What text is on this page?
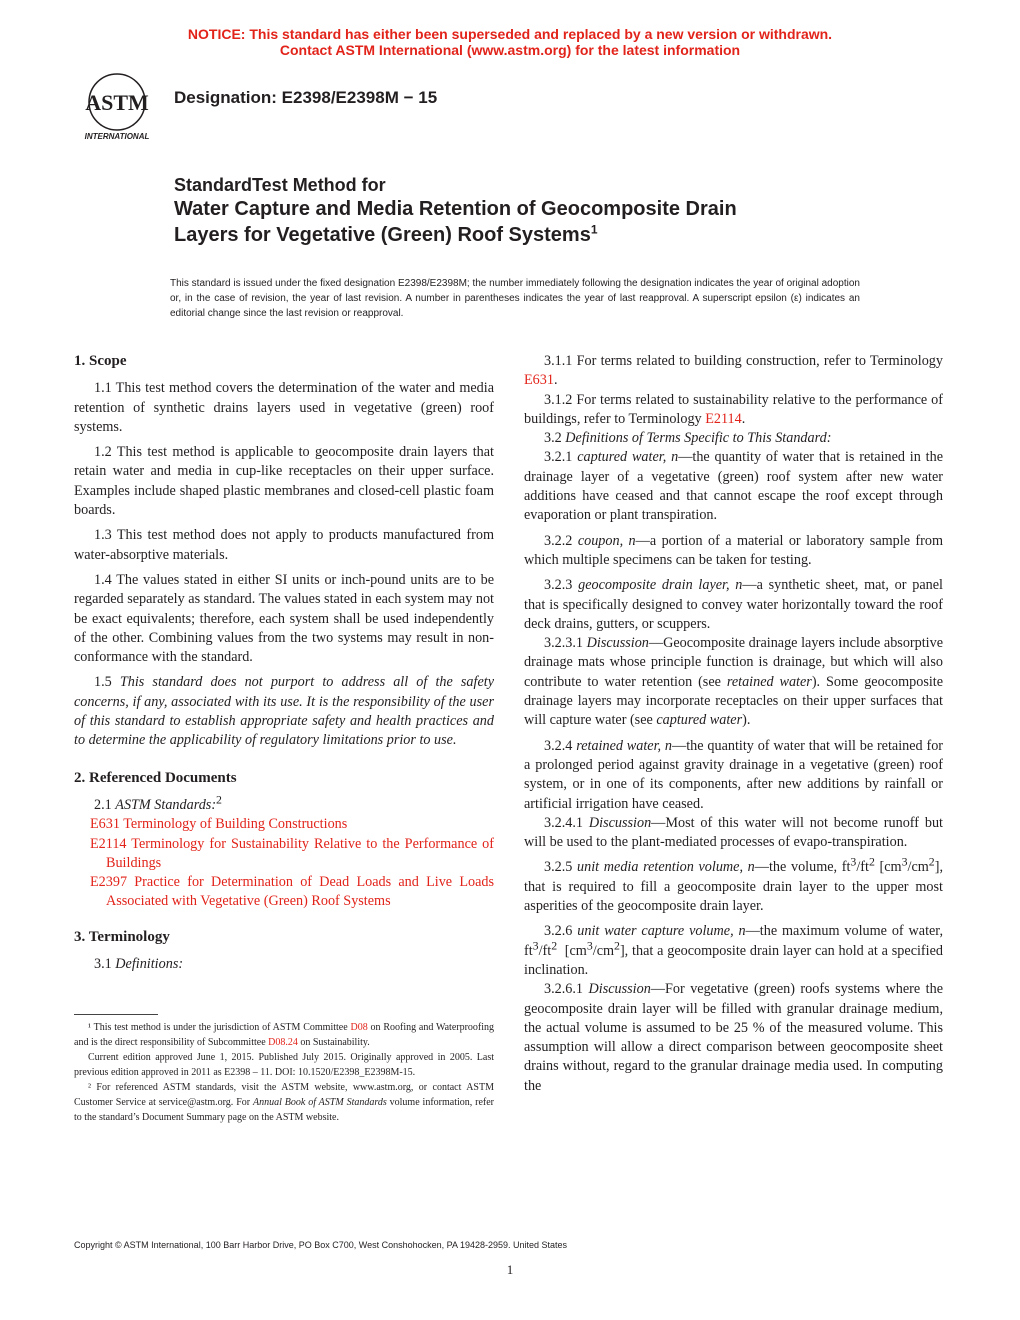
NOTICE: This standard has either been superseded and replaced by a new version or withdrawn.
Contact ASTM International (www.astm.org) for the latest information
ASTM
INTERNATIONAL
Designation: E2398/E2398M − 15
StandardTest Method for
Water Capture and Media Retention of Geocomposite Drain
Layers for Vegetative (Green) Roof Systems$^1$
This standard is issued under the fixed designation E2398/E2398M; the number immediately following the designation indicates the year of original adoption or, in the case of revision, the year of last revision. A number in parentheses indicates the year of last reapproval. A superscript epsilon (ε) indicates an editorial change since the last revision or reapproval.
1. Scope

1.1 This test method covers the determination of the water and media retention of synthetic drains layers used in vegetative (green) roof systems.

1.2 This test method is applicable to geocomposite drain layers that retain water and media in cup-like receptacles on their upper surface. Examples include shaped plastic membranes and closed-cell plastic foam boards.

1.3 This test method does not apply to products manufactured from water-absorptive materials.

1.4 The values stated in either SI units or inch-pound units are to be regarded separately as standard. The values stated in each system may not be exact equivalents; therefore, each system shall be used independently of the other. Combining values from the two systems may result in non-conformance with the standard.

1.5 This standard does not purport to address all of the safety concerns, if any, associated with its use. It is the responsibility of the user of this standard to establish appropriate safety and health practices and to determine the applicability of regulatory limitations prior to use.

2. Referenced Documents

2.1 ASTM Standards:$^2$

E631 Terminology of Building Constructions
E2114 Terminology for Sustainability Relative to the Performance of Buildings
E2397 Practice for Determination of Dead Loads and Live Loads Associated with Vegetative (Green) Roof Systems
3. Terminology

3.1 Definitions:

¹ This test method is under the jurisdiction of ASTM Committee D08 on Roofing and Waterproofing and is the direct responsibility of Subcommittee D08.24 on Sustainability.

Current edition approved June 1, 2015. Published July 2015. Originally approved in 2005. Last previous edition approved in 2011 as E2398 – 11. DOI: 10.1520/E2398_E2398M-15.

² For referenced ASTM standards, visit the ASTM website, www.astm.org, or contact ASTM Customer Service at service@astm.org. For Annual Book of ASTM Standards volume information, refer to the standard’s Document Summary page on the ASTM website.

3.1.1 For terms related to building construction, refer to Terminology E631.

3.1.2 For terms related to sustainability relative to the performance of buildings, refer to Terminology E2114.

3.2 Definitions of Terms Specific to This Standard:

3.2.1 captured water, n—the quantity of water that is retained in the drainage layer of a vegetative (green) roof system after new water additions have ceased and that cannot escape the roof except through evaporation or plant transpiration.

3.2.2 coupon, n—a portion of a material or laboratory sample from which multiple specimens can be taken for testing.

3.2.3 geocomposite drain layer, n—a synthetic sheet, mat, or panel that is specifically designed to convey water horizontally toward the roof deck drains, gutters, or scuppers.

3.2.3.1 Discussion—Geocomposite drainage layers include absorptive drainage mats whose principle function is drainage, but which will also contribute to water retention (see retained water). Some geocomposite drainage layers may incorporate receptacles on their upper surfaces that will capture water (see captured water).

3.2.4 retained water, n—the quantity of water that will be retained for a prolonged period against gravity drainage in a vegetative (green) roof system, or in one of its components, after new additions by rainfall or artificial irrigation have ceased.

3.2.4.1 Discussion—Most of this water will not become runoff but will be used to the plant-mediated processes of evapo-transpiration.

3.2.5 unit media retention volume, n—the volume, $ft^3/ft^2$ $[cm^3/cm^2]$, that is required to fill a geocomposite drain layer to the upper most asperities of the geocomposite drain layer.

3.2.6 unit water capture volume, n—the maximum volume of water, $ft^3/ft^2$  $[cm^3/cm^2]$, that a geocomposite drain layer can hold at a specified inclination.

3.2.6.1 Discussion—For vegetative (green) roofs systems where the geocomposite drain layer will be filled with granular drainage medium, the actual volume is assumed to be 25 % of the measured volume. This assumption will allow a direct comparison between geocomposite sheet drains without, regard to the granular drainage media used. In computing the

Copyright © ASTM International, 100 Barr Harbor Drive, PO Box C700, West Conshohocken, PA 19428-2959. United States
1
